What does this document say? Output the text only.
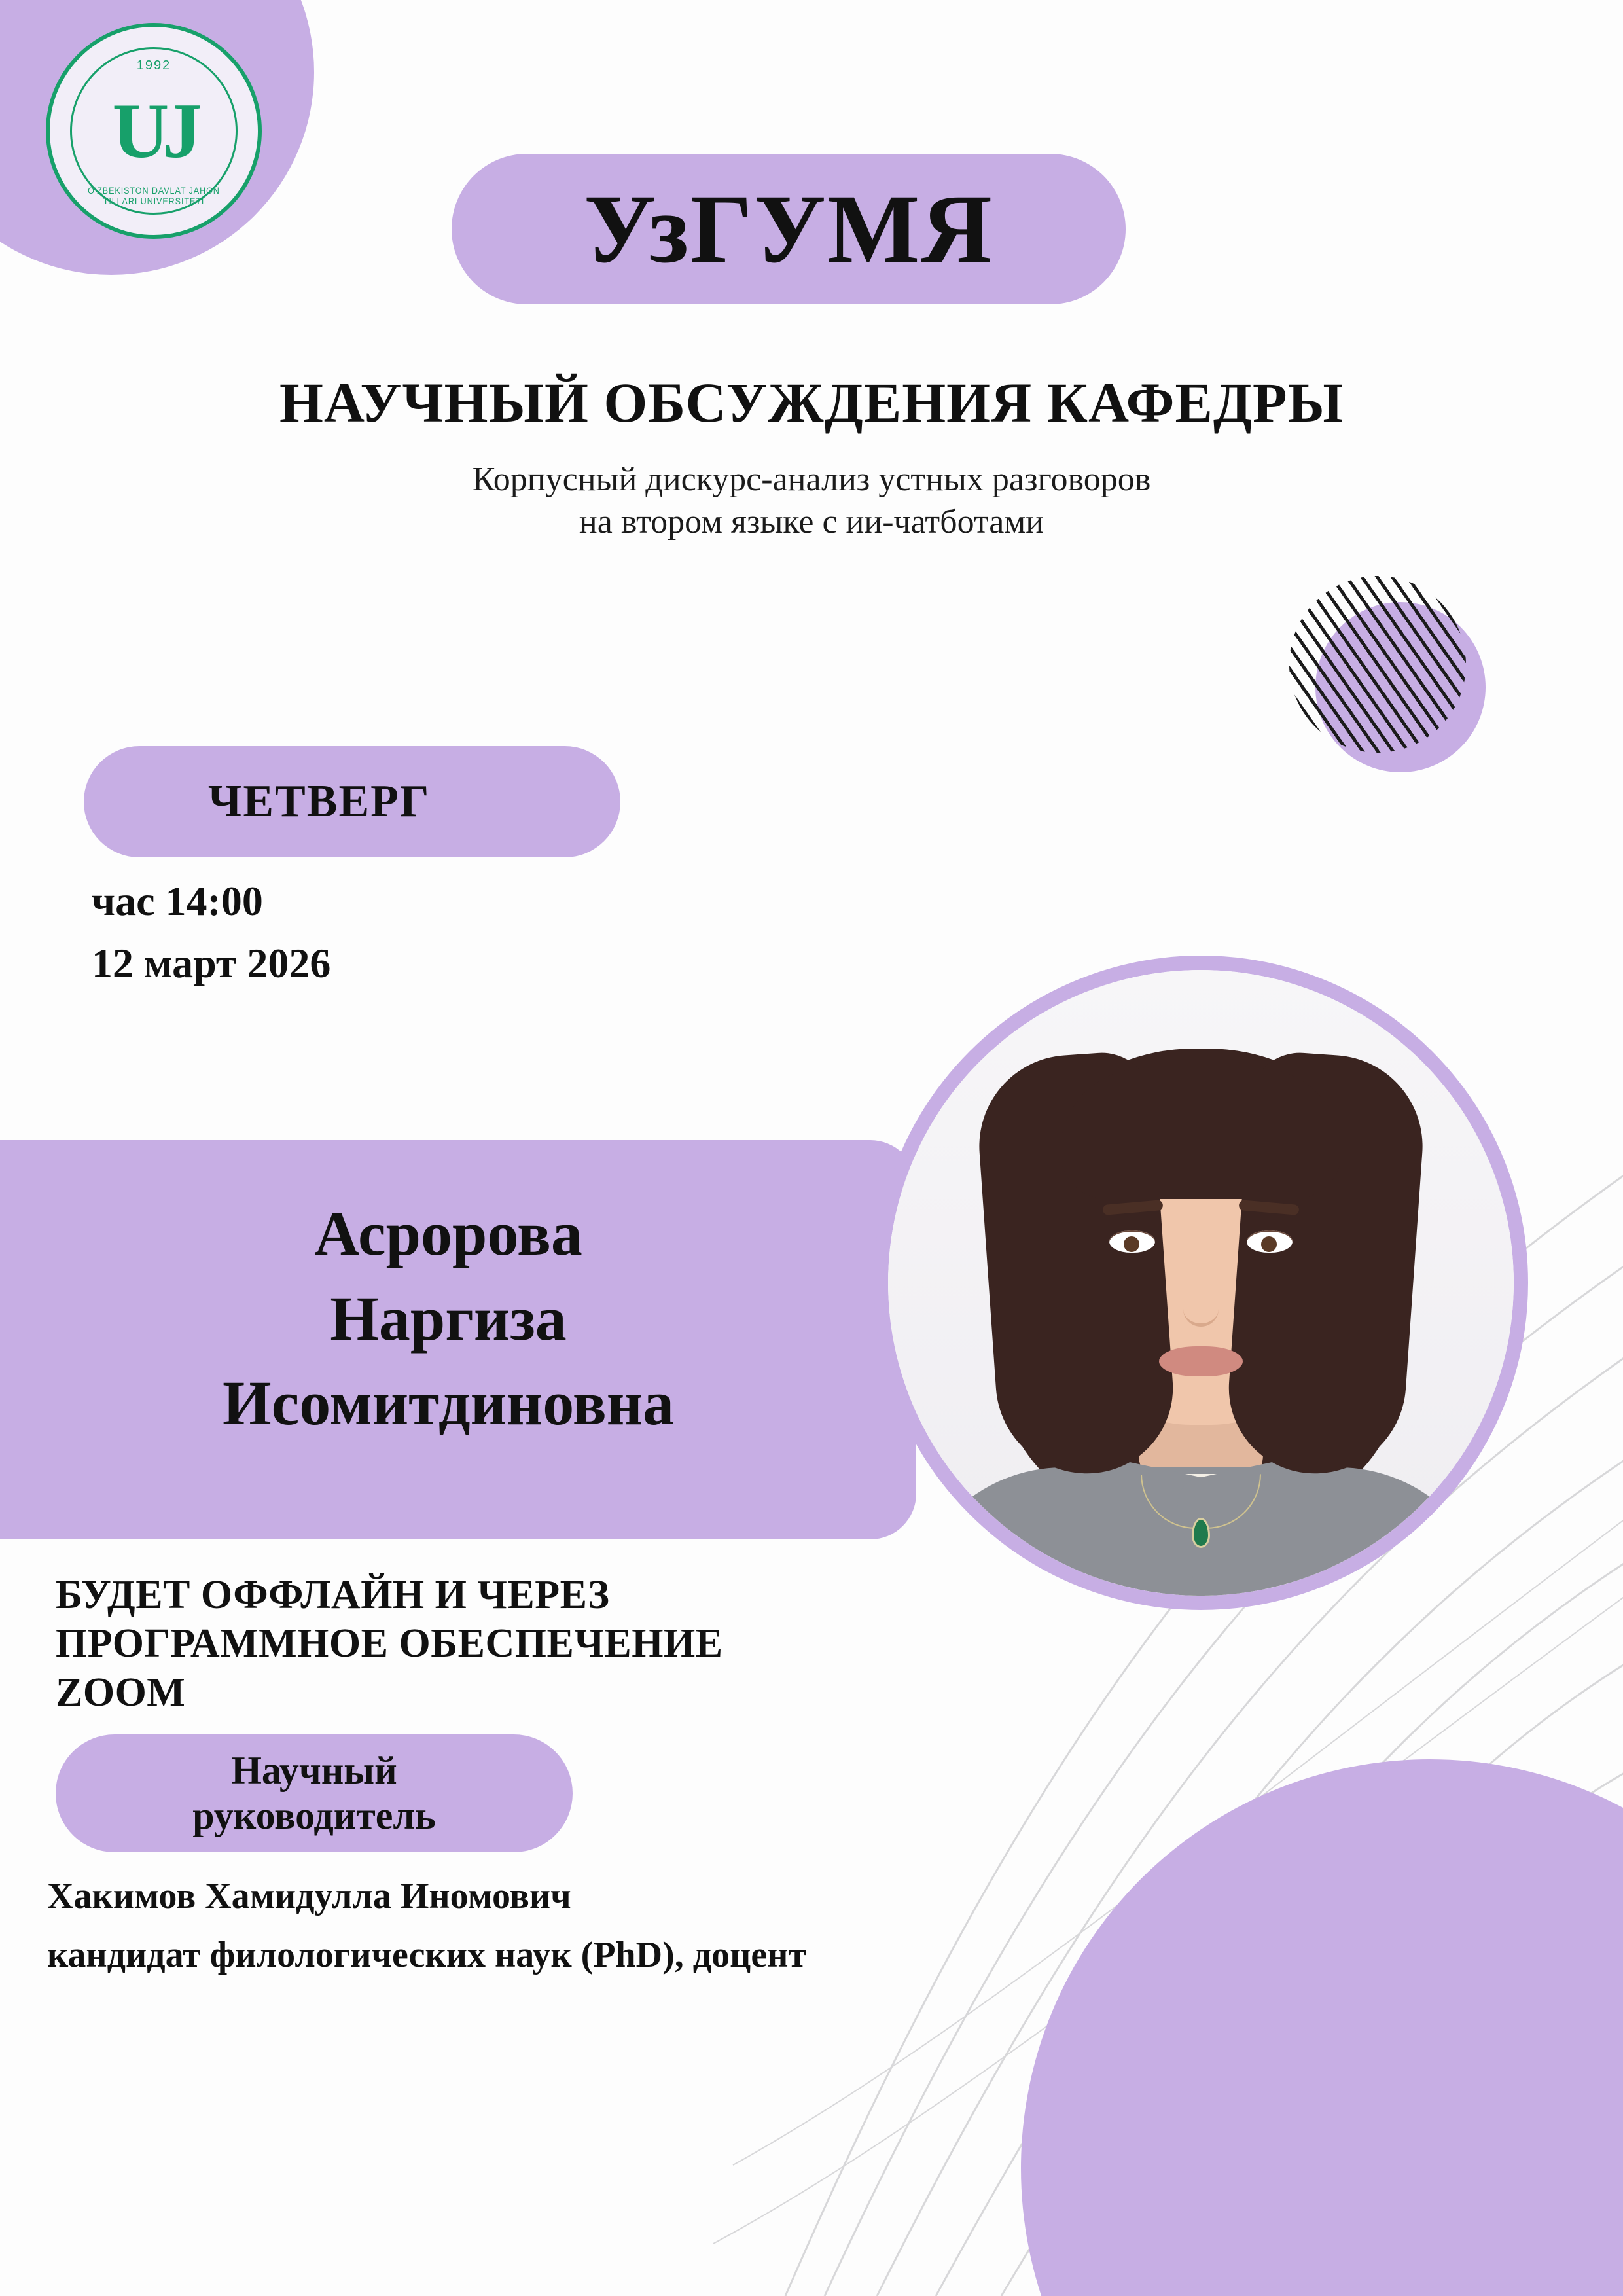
1992
UJ
O'ZBEKISTON DAVLAT JAHON TILLARI UNIVERSITETI	УзГУМЯ
НАУЧНЫЙ ОБСУЖДЕНИЯ КАФЕДРЫ
Корпусный дискурс-анализ устных разговоров
на втором языке с ии-чатботами
ЧЕТВЕРГ
час 14:00
12 март 2026
Асророва
Наргиза
Исомитдиновна
БУДЕТ ОФФЛАЙН И ЧЕРЕЗ
ПРОГРАММНОЕ ОБЕСПЕЧЕНИЕ
ZOOM
Научный
руководитель
Хакимов Хамидулла Иномович
кандидат филологических наук (PhD), доцент
